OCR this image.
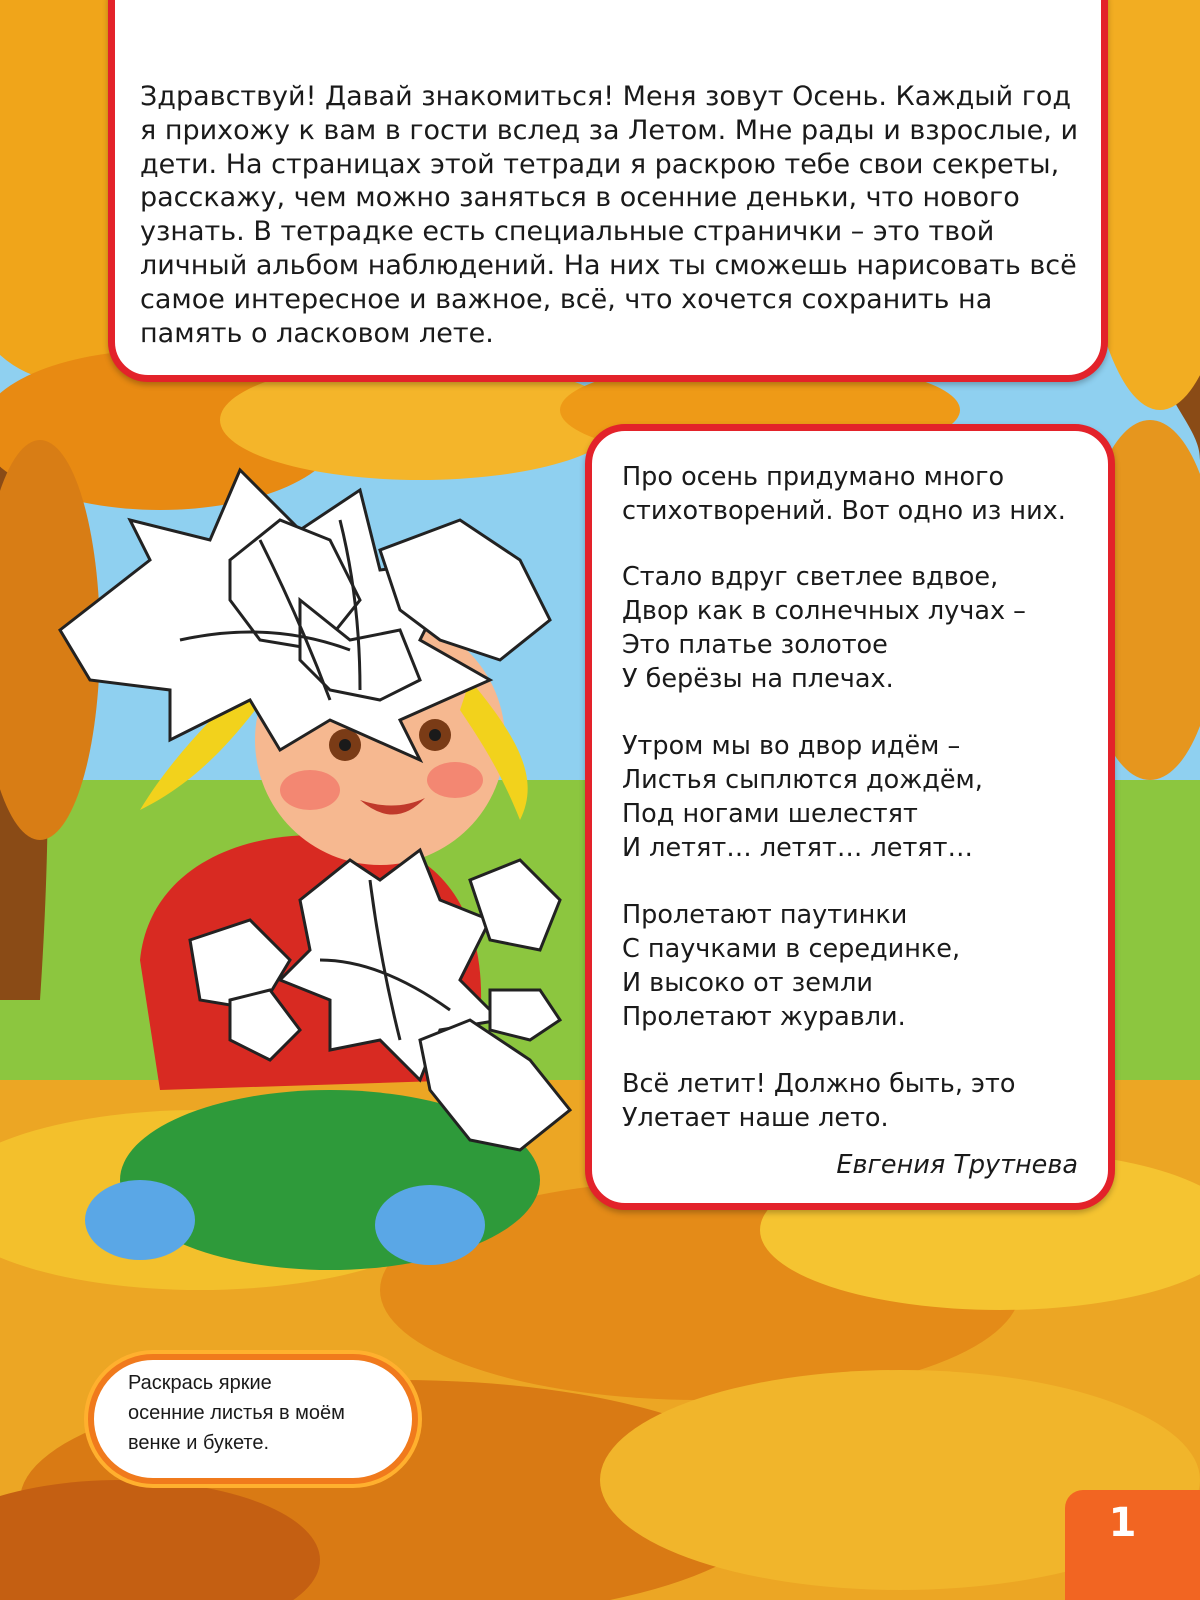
Здравствуй! Давай знакомиться! Меня зовут Осень. Каждый год я прихожу к вам в гости вслед за Летом. Мне рады и взрослые, и дети. На страницах этой тетради я раскрою тебе свои секреты, расскажу, чем можно заняться в осенние деньки, что нового узнать. В тетрадке есть специальные странички – это твой личный альбом наблюдений. На них ты сможешь нарисовать всё самое интересное и важное, всё, что хочется сохранить на память о ласковом лете.

Про осень придумано много

стихотворений. Вот одно из них.

Стало вдруг светлее вдвое,

Двор как в солнечных лучах –

Это платье золотое

У берёзы на плечах.

Утром мы во двор идём –

Листья сыплются дождём,

Под ногами шелестят

И летят… летят… летят…

Пролетают паутинки

С паучками в серединке,

И высоко от земли

Пролетают журавли.

Всё летит! Должно быть, это

Улетает наше лето.

Евгения Трутнева

Раскрась яркие
осенние листья в моём
венке и букете.
1
